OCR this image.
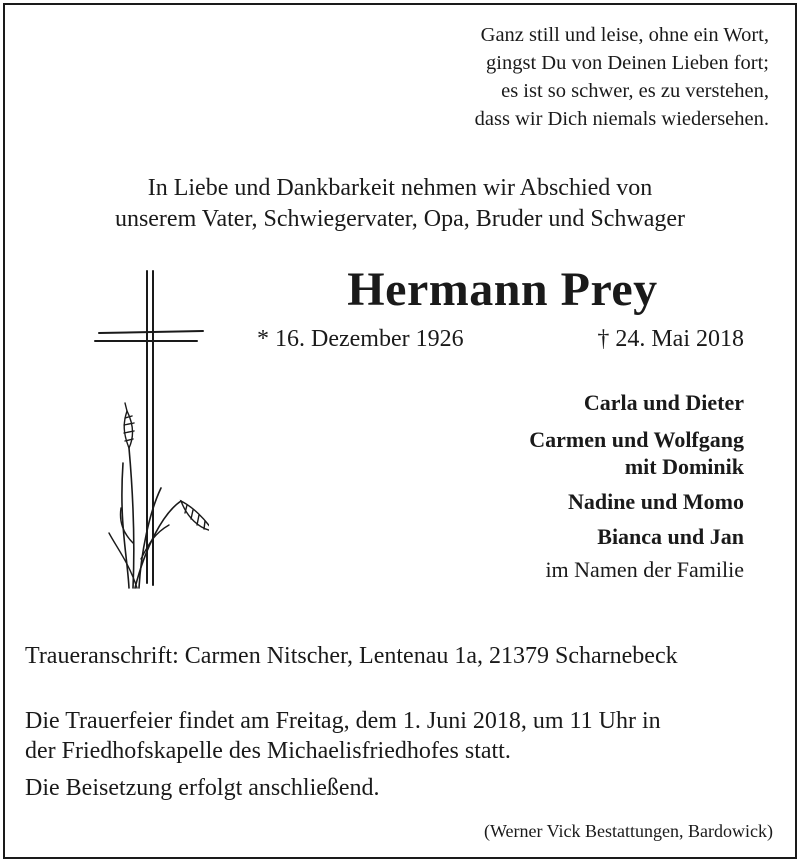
Ganz still und leise, ohne ein Wort,
gingst Du von Deinen Lieben fort;
es ist so schwer, es zu verstehen,
dass wir Dich niemals wiedersehen.
In Liebe und Dankbarkeit nehmen wir Abschied von
unserem Vater, Schwiegervater, Opa, Bruder und Schwager
Hermann Prey
* 16. Dezember 1926	† 24. Mai 2018
Carla und Dieter
Carmen und Wolfgang
mit Dominik
Nadine und Momo
Bianca und Jan
im Namen der Familie
Traueranschrift: Carmen Nitscher, Lentenau 1a, 21379 Scharnebeck
Die Trauerfeier findet am Freitag, dem 1. Juni 2018, um 11 Uhr in
der Friedhofskapelle des Michaelisfriedhofes statt.
Die Beisetzung erfolgt anschließend.
(Werner Vick Bestattungen, Bardowick)
